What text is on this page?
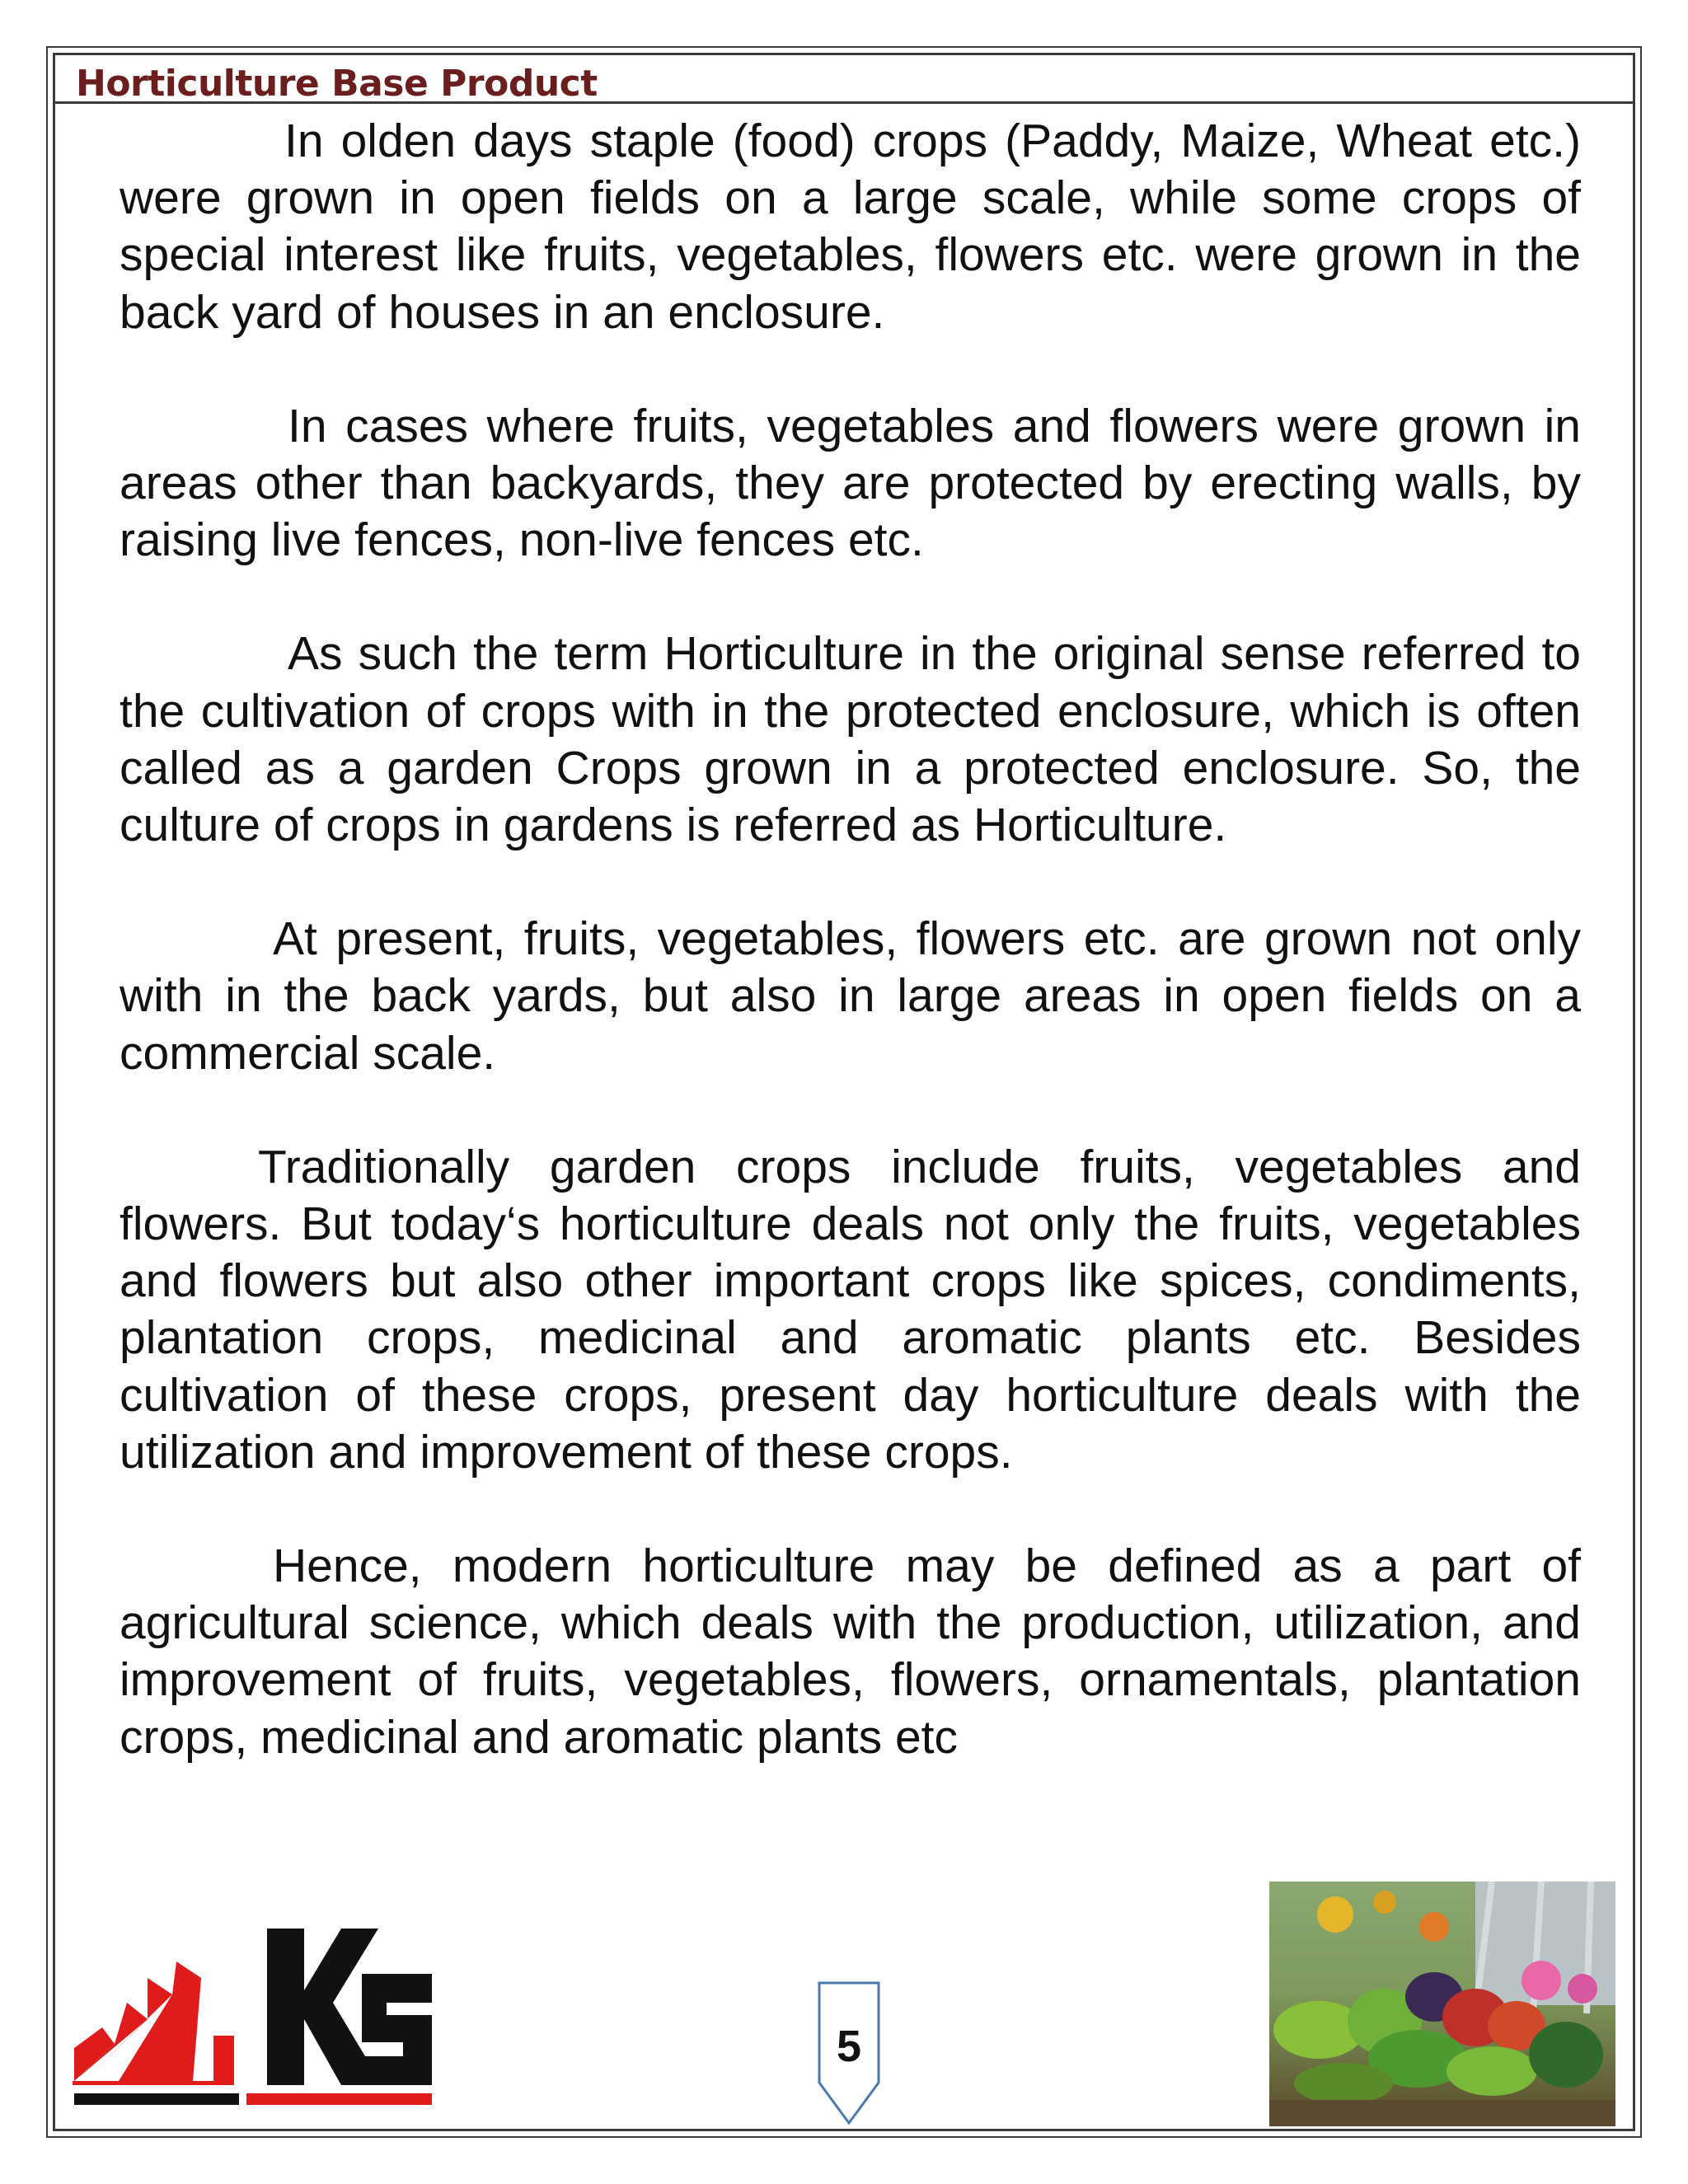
Horticulture Base Product

In olden days staple (food) crops (Paddy, Maize, Wheat etc.) were grown in open fields on a large scale, while some crops of special interest like fruits, vegetables, flowers etc. were grown in the back yard of houses in an enclosure.

In cases where fruits, vegetables and flowers were grown in areas other than backyards, they are protected by erecting walls, by raising live fences, non-live fences etc.

As such the term Horticulture in the original sense referred to the cultivation of crops with in the protected enclosure, which is often called as a garden Crops grown in a protected enclosure. So, the culture of crops in gardens is referred as Horticulture.

At present, fruits, vegetables, flowers etc. are grown not only with in the back yards, but also in large areas in open fields on a commercial scale.

Traditionally garden crops include fruits, vegetables and flowers. But today‘s horticulture deals not only the fruits, vegetables and flowers but also other important crops like spices, condiments, plantation crops, medicinal and aromatic plants etc. Besides cultivation of these crops, present day horticulture deals with the utilization and improvement of these crops.

Hence, modern horticulture may be defined as a part of agricultural science, which deals with the production, utilization, and improvement of fruits, vegetables, flowers, ornamentals, plantation crops, medicinal and aromatic plants etc

5
